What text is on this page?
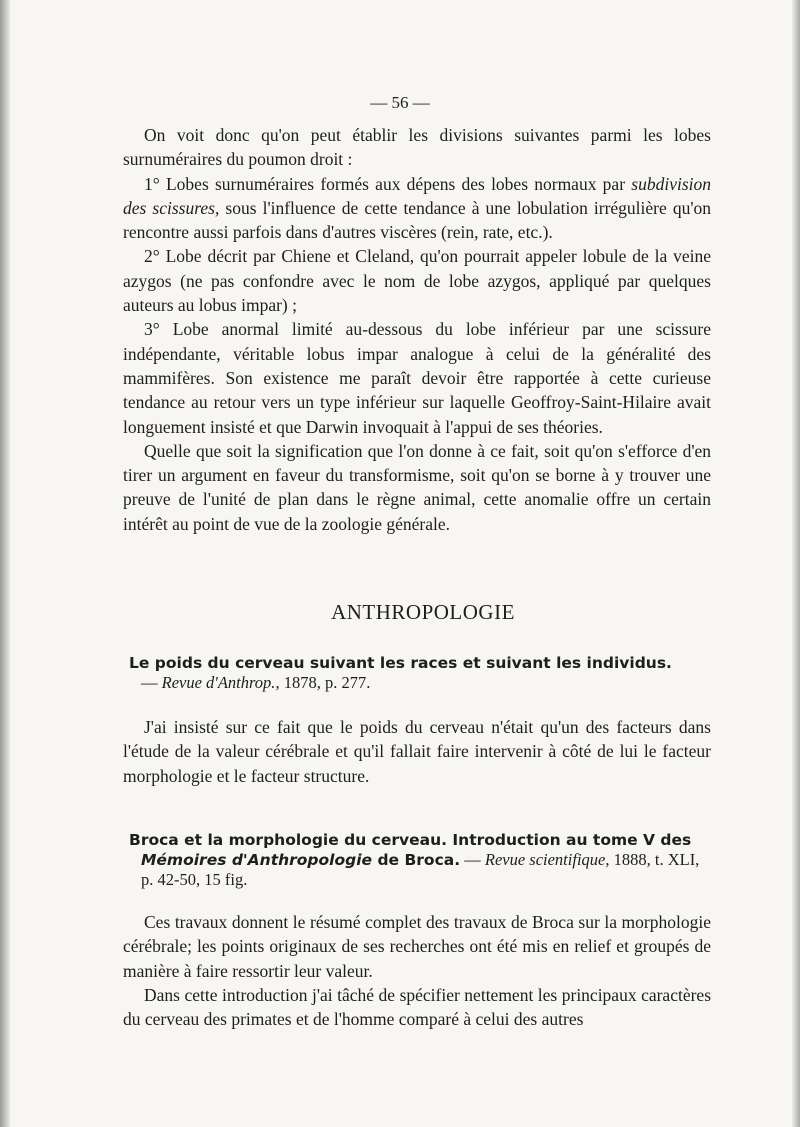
— 56 —

On voit donc qu'on peut établir les divisions suivantes parmi les lobes surnuméraires du poumon droit :

1° Lobes surnuméraires formés aux dépens des lobes normaux par subdivision des scissures, sous l'influence de cette tendance à une lobulation irrégulière qu'on rencontre aussi parfois dans d'autres viscères (rein, rate, etc.).

2° Lobe décrit par Chiene et Cleland, qu'on pourrait appeler lobule de la veine azygos (ne pas confondre avec le nom de lobe azygos, appliqué par quelques auteurs au lobus impar) ;

3° Lobe anormal limité au-dessous du lobe inférieur par une scissure indépendante, véritable lobus impar analogue à celui de la généralité des mammifères. Son existence me paraît devoir être rapportée à cette curieuse tendance au retour vers un type inférieur sur laquelle Geoffroy-Saint-Hilaire avait longuement insisté et que Darwin invoquait à l'appui de ses théories.

Quelle que soit la signification que l'on donne à ce fait, soit qu'on s'efforce d'en tirer un argument en faveur du transformisme, soit qu'on se borne à y trouver une preuve de l'unité de plan dans le règne animal, cette anomalie offre un certain intérêt au point de vue de la zoologie générale.

ANTHROPOLOGIE
Le poids du cerveau suivant les races et suivant les individus.
— Revue d'Anthrop., 1878, p. 277.

J'ai insisté sur ce fait que le poids du cerveau n'était qu'un des facteurs dans l'étude de la valeur cérébrale et qu'il fallait faire intervenir à côté de lui le facteur morphologie et le facteur structure.

Broca et la morphologie du cerveau. Introduction au tome V des
Mémoires d'Anthropologie de Broca. — Revue scientifique, 1888, t. XLI,
p. 42-50, 15 fig.

Ces travaux donnent le résumé complet des travaux de Broca sur la morphologie cérébrale; les points originaux de ses recherches ont été mis en relief et groupés de manière à faire ressortir leur valeur.

Dans cette introduction j'ai tâché de spécifier nettement les principaux caractères du cerveau des primates et de l'homme comparé à celui des autres
